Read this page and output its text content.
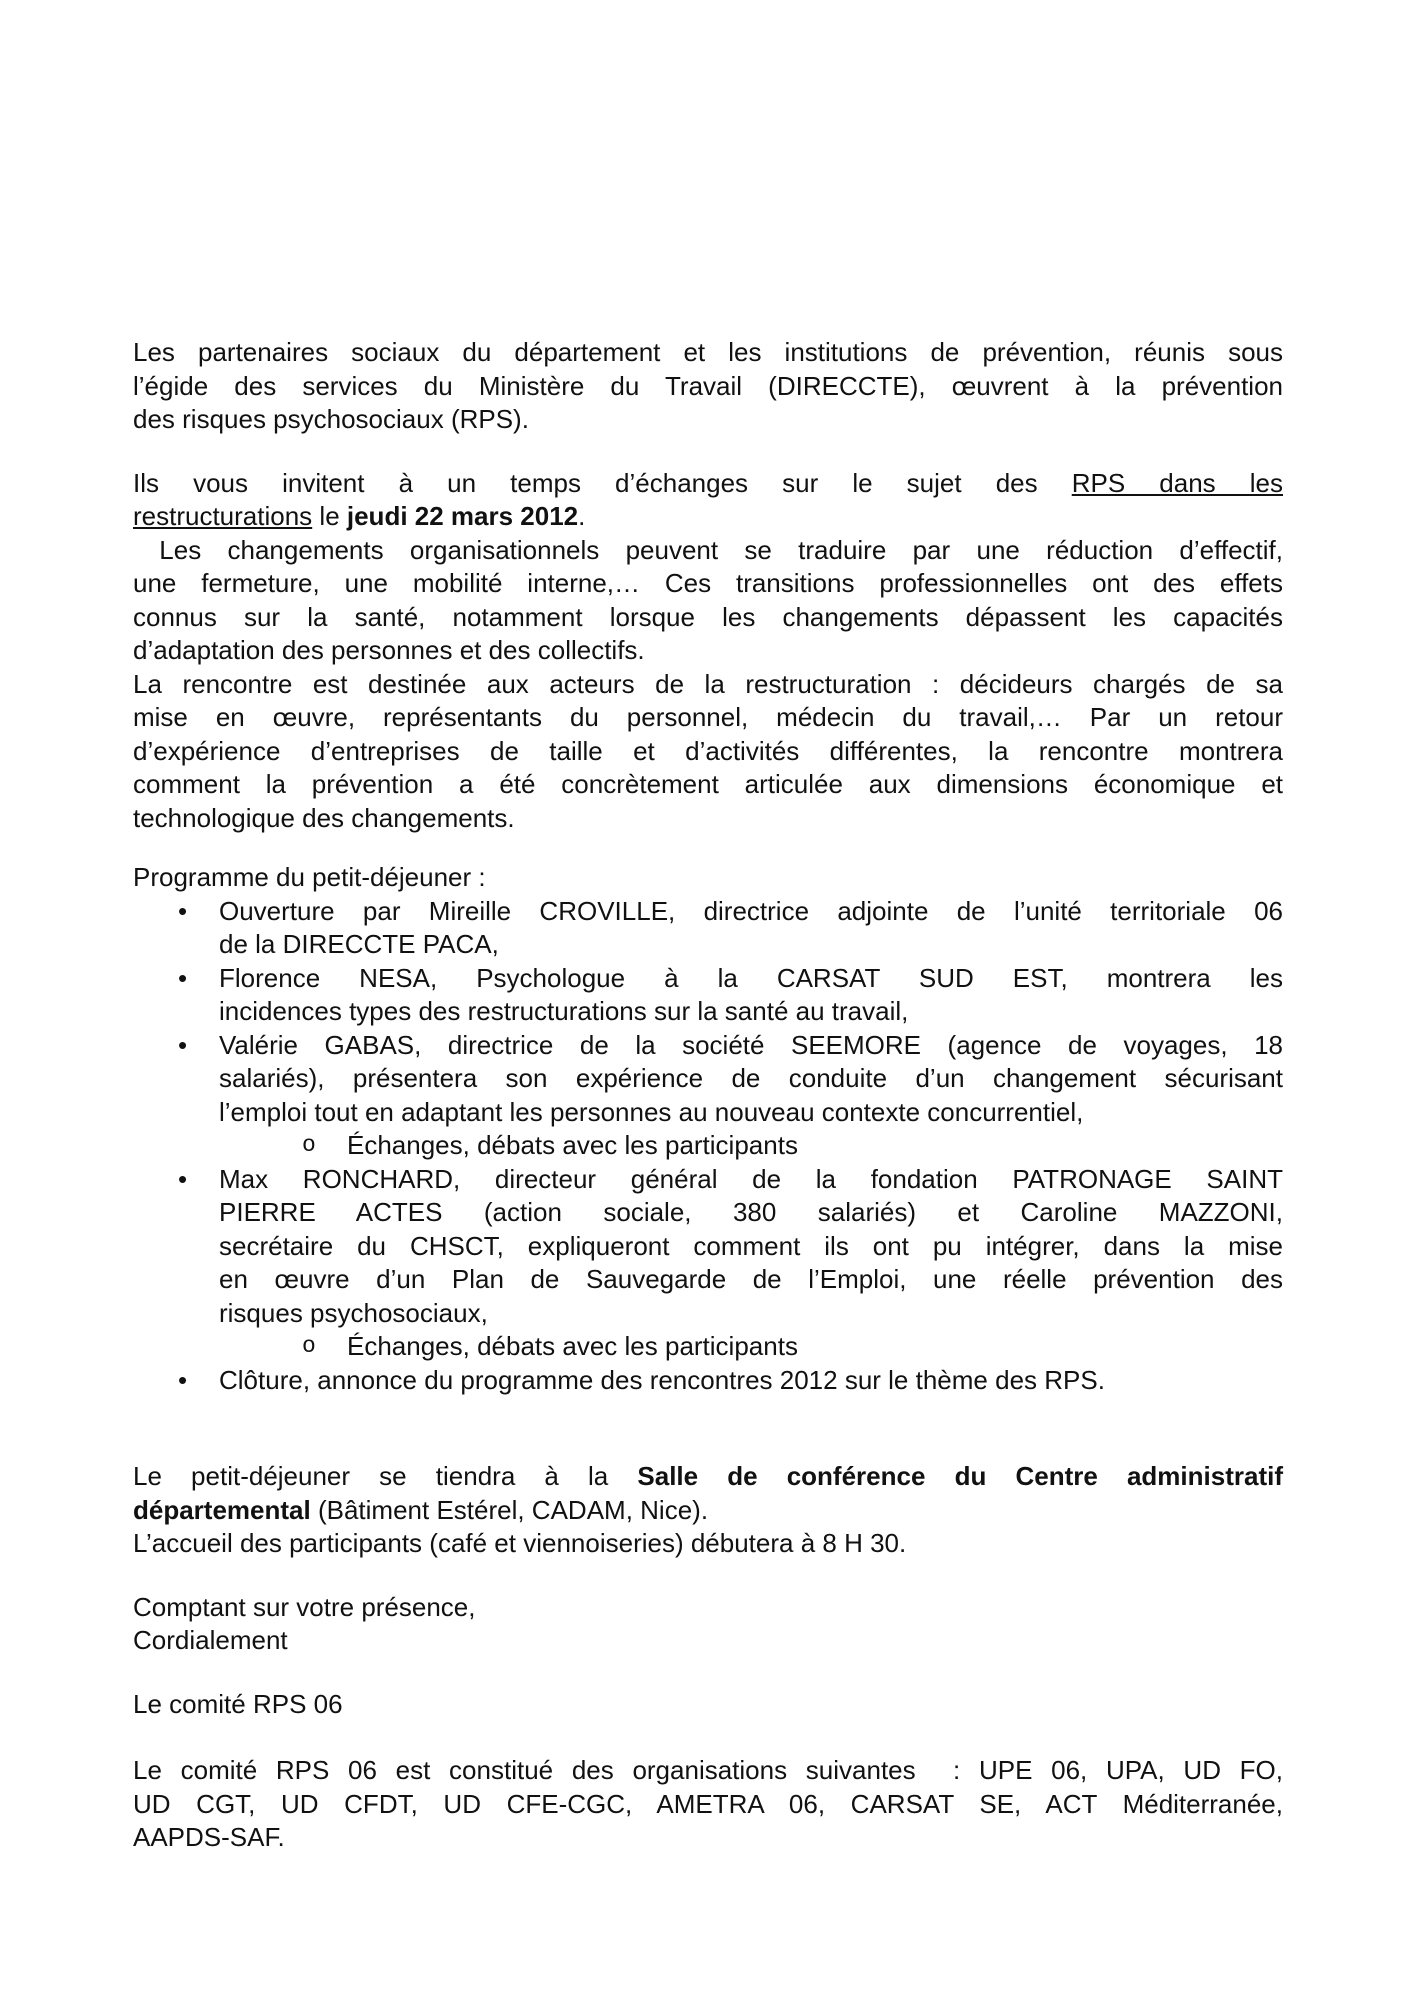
Les partenaires sociaux du département et les institutions de prévention, réunis sous
l’égide des services du Ministère du Travail (DIRECCTE), œuvrent à la prévention
des risques psychosociaux (RPS).
Ils vous invitent à un temps d’échanges sur le sujet des RPS dans les
restructurations le jeudi 22 mars 2012.
Les changements organisationnels peuvent se traduire par une réduction d’effectif,
une fermeture, une mobilité interne,… Ces transitions professionnelles ont des effets
connus sur la santé, notamment lorsque les changements dépassent les capacités
d’adaptation des personnes et des collectifs.
La rencontre est destinée aux acteurs de la restructuration : décideurs chargés de sa
mise en œuvre, représentants du personnel, médecin du travail,… Par un retour
d’expérience d’entreprises de taille et d’activités différentes, la rencontre montrera
comment la prévention a été concrètement articulée aux dimensions économique et
technologique des changements.
Programme du petit-déjeuner :
•	Ouverture par Mireille CROVILLE, directrice adjointe de l’unité territoriale 06
de la DIRECCTE PACA,
•	Florence NESA, Psychologue à la CARSAT SUD EST, montrera les
incidences types des restructurations sur la santé au travail,
•	Valérie GABAS, directrice de la société SEEMORE (agence de voyages, 18
salariés), présentera son expérience de conduite d’un changement sécurisant
l’emploi tout en adaptant les personnes au nouveau contexte concurrentiel,
o	Échanges, débats avec les participants
•	Max RONCHARD, directeur général de la fondation PATRONAGE SAINT
PIERRE ACTES (action sociale, 380 salariés) et Caroline MAZZONI,
secrétaire du CHSCT, expliqueront comment ils ont pu intégrer, dans la mise
en œuvre d’un Plan de Sauvegarde de l’Emploi, une réelle prévention des
risques psychosociaux,
o	Échanges, débats avec les participants
•	Clôture, annonce du programme des rencontres 2012 sur le thème des RPS.
Le petit-déjeuner se tiendra à la Salle de conférence du Centre administratif
départemental (Bâtiment Estérel, CADAM, Nice).
L’accueil des participants (café et viennoiseries) débutera à 8 H 30.
Comptant sur votre présence,
Cordialement
Le comité RPS 06
Le comité RPS 06 est constitué des organisations suivantes  : UPE 06, UPA, UD FO,
UD CGT, UD CFDT, UD CFE-CGC, AMETRA 06, CARSAT SE, ACT Méditerranée,
AAPDS-SAF.
